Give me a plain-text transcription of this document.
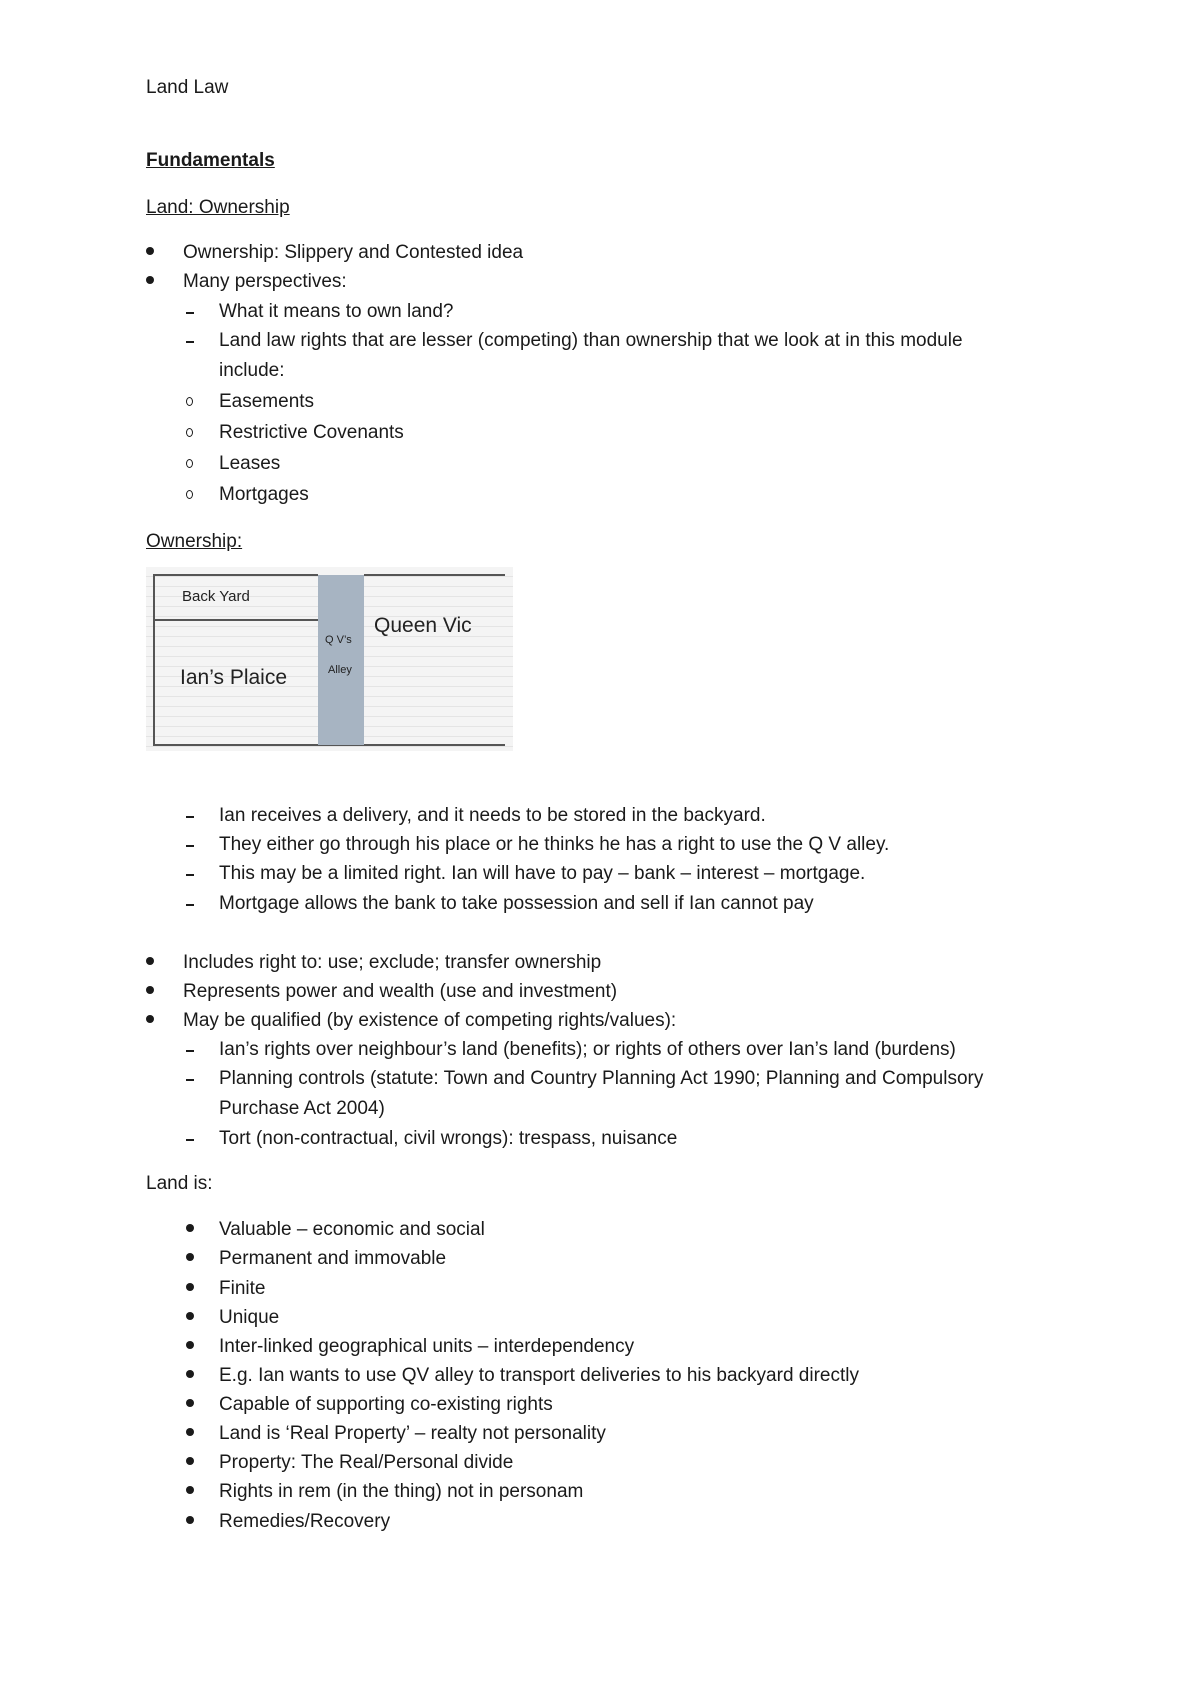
Land Law
Fundamentals
Land: Ownership
Ownership: Slippery and Contested idea
Many perspectives:
What it means to own land?
Land law rights that are lesser (competing) than ownership that we look at in this module
include:
Easements
Restrictive Covenants
Leases
Mortgages
Ownership:
Back Yard
Ian’s Plaice
Q V’s
Alley
Queen Vic
Ian receives a delivery, and it needs to be stored in the backyard.
They either go through his place or he thinks he has a right to use the Q V alley.
This may be a limited right. Ian will have to pay – bank – interest – mortgage.
Mortgage allows the bank to take possession and sell if Ian cannot pay
Includes right to: use; exclude; transfer ownership
Represents power and wealth (use and investment)
May be qualified (by existence of competing rights/values):
Ian’s rights over neighbour’s land (benefits); or rights of others over Ian’s land (burdens)
Planning controls (statute: Town and Country Planning Act 1990; Planning and Compulsory
Purchase Act 2004)
Tort (non-contractual, civil wrongs): trespass, nuisance
Land is:
Valuable – economic and social
Permanent and immovable
Finite
Unique
Inter-linked geographical units – interdependency
E.g. Ian wants to use QV alley to transport deliveries to his backyard directly
Capable of supporting co-existing rights
Land is ‘Real Property’ – realty not personality
Property: The Real/Personal divide
Rights in rem (in the thing) not in personam
Remedies/Recovery
